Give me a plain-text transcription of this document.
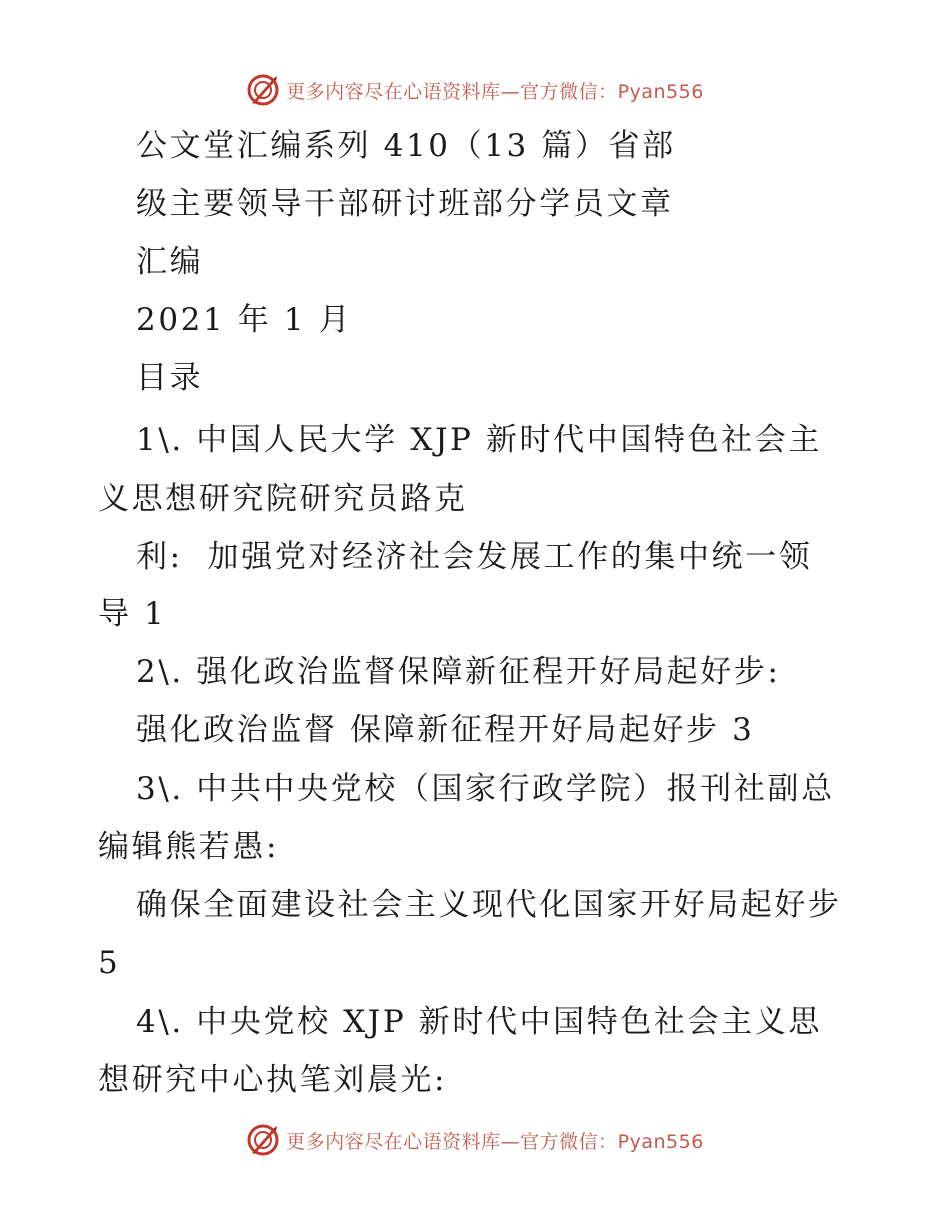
更多内容尽在心语资料库—官方微信：Pyan556
公文堂汇编系列 410（13 篇）省部
级主要领导干部研讨班部分学员文章
汇编
2021 年 1 月
目录
1\. 中国人民大学 XJP 新时代中国特色社会主
义思想研究院研究员路克
利:  加强党对经济社会发展工作的集中统一领
导 1
2\. 强化政治监督保障新征程开好局起好步:
强化政治监督 保障新征程开好局起好步 3
3\. 中共中央党校（国家行政学院）报刊社副总
编辑熊若愚:
确保全面建设社会主义现代化国家开好局起好步
5
4\. 中央党校 XJP 新时代中国特色社会主义思
想研究中心执笔刘晨光:
更多内容尽在心语资料库—官方微信：Pyan556
